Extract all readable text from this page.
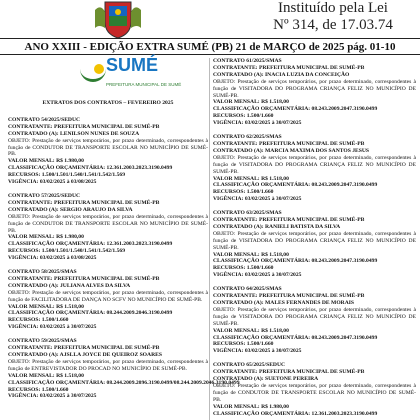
Instituído pela Lei
Nº 314, de 17.03.74
ANO XXIII - EDIÇÃO EXTRA SUMÉ (PB) 21 de MARÇO de 2025 pág. 01-10
SUMÉ
PREFEITURA MUNICIPAL DE SUMÉ
EXTRATOS DOS CONTRATOS – FEVEREIRO 2025
CONTRATO 54/2025/SEDUC
CONTRATANTE: PREFEITURA MUNICIPAL DE SUMÉ-PB
CONTRATADO (A): LENILSON NUNES DE SOUZA
OBJETO: Prestação de serviços temporários, por prazo determinado, correspondentes à função de CONDUTOR DE TRANSPORTE ESCOLAR NO MUNICÍPIO DE SUMÉ-PB.
VALOR MENSAL: R$ 1.980,00
CLASSIFICAÇÃO ORÇAMENTÁRIA: 12.361.2003.2023.3190.0499
RECURSOS: 1.500/1.501/1.540/1.541/1.542/1.569
VIGÊNCIA: 03/02/2025 à 03/08/2025
CONTRATO 57/2025/SEDUC
CONTRATANTE: PREFEITURA MUNICIPAL DE SUMÉ-PB
CONTRATADO (A): SERGIO ARAUJO DA SILVA
OBJETO: Prestação de serviços temporários, por prazo determinado, correspondentes à função de CONDUTOR DE TRANSPORTE ESCOLAR NO MUNICÍPIO DE SUMÉ-PB.
VALOR MENSAL: R$ 1.980,00
CLASSIFICAÇÃO ORÇAMENTÁRIA: 12.361.2003.2023.3190.0499
RECURSOS: 1.500/1.501/1.540/1.541/1.542/1.569
VIGÊNCIA: 03/02/2025 à 03/08/2025
CONTRATO 58/2025/SMAS
CONTRATANTE: PREFEITURA MUNICIPAL DE SUMÉ-PB
CONTRATADO (A): JULIANA ALVES DA SILVA
OBJETO: Prestação de serviços temporários, por prazo determinado, correspondentes à função de FACILITADORA DE DANÇA NO SCFV NO MUNICÍPIO DE SUMÉ-PB.
VALOR MENSAL: R$ 1.518,00
CLASSIFICAÇÃO ORÇAMENTÁRIA: 08.244.2009.2046.3190.0499
RECURSOS: 1.500/1.660
VIGÊNCIA: 03/02/2025 à 30/07/2025
CONTRATO 59/2025/SMAS
CONTRATANTE: PREFEITURA MUNICIPAL DE SUMÉ-PB
CONTRATADO (A): AJSLLA JOYCE DE QUEIROZ SOARES
OBJETO: Prestação de serviços temporários, por prazo determinado, correspondentes à função de ENTREVISTADOR DO PROCAD NO MUNICÍPIO DE SUMÉ-PB.
VALOR MENSAL: R$ 1.518,00
CLASSIFICAÇÃO ORÇAMENTÁRIA: 08.244.2009.2096.3190.0499/08.244.2009.2046.3190.0499
RECURSOS: 1.500/1.660
VIGÊNCIA: 03/02/2025 à 30/07/2025
CONTRATO 61/2025/SMAS
CONTRATANTE: PREFEITURA MUNICIPAL DE SUMÉ-PB
CONTRATADO (A): INACIA LUZIA DA CONCEIÇÃO
OBJETO: Prestação de serviços temporários, por prazo determinado, correspondentes à função de VISITADORA DO PROGRAMA CRIANÇA FELIZ NO MUNICÍPIO DE SUMÉ-PB.
VALOR MENSAL: R$ 1.518,00
CLASSIFICAÇÃO ORÇAMENTÁRIA: 08.243.2009.2047.3190.0499
RECURSOS: 1.500/1.660
VIGÊNCIA: 03/02/2025 à 30/07/2025
CONTRATO 62/2025/SMAS
CONTRATANTE: PREFEITURA MUNICIPAL DE SUMÉ-PB
CONTRATADO (A): MARCIA MAXIMA DOS SANTOS JESUS
OBJETO: Prestação de serviços temporários, por prazo determinado, correspondentes à função de VISITADORA DO PROGRAMA CRIANÇA FELIZ NO MUNICÍPIO DE SUMÉ-PB.
VALOR MENSAL: R$ 1.518,00
CLASSIFICAÇÃO ORÇAMENTÁRIA: 08.243.2009.2047.3190.0499
RECURSOS: 1.500/1.660
VIGÊNCIA: 03/02/2025 à 30/07/2025
CONTRATO 63/2025/SMAS
CONTRATANTE: PREFEITURA MUNICIPAL DE SUMÉ-PB
CONTRATADO (A): RANIELI BATISTA DA SILVA
OBJETO: Prestação de serviços temporários, por prazo determinado, correspondentes à função de VISITADORA DO PROGRAMA CRIANÇA FELIZ NO MUNICÍPIO DE SUMÉ-PB.
VALOR MENSAL: R$ 1.518,00
CLASSIFICAÇÃO ORÇAMENTÁRIA: 08.243.2009.2047.3190.0499
RECURSOS: 1.500/1.660
VIGÊNCIA: 03/02/2025 à 30/07/2025
CONTRATO 64/2025/SMAS
CONTRATANTE: PREFEITURA MUNICIPAL DE SUMÉ-PB
CONTRATADO (A): MALES FERNANDES DE MORAIS
OBJETO: Prestação de serviços temporários, por prazo determinado, correspondentes à função de VISITADORA DO PROGRAMA CRIANÇA FELIZ NO MUNICÍPIO DE SUMÉ-PB.
VALOR MENSAL: R$ 1.518,00
CLASSIFICAÇÃO ORÇAMENTÁRIA: 08.243.2009.2047.3190.0499
RECURSOS: 1.500/1.660
VIGÊNCIA: 03/02/2025 à 30/07/2025
CONTRATO 65/2025/SEDUC
CONTRATANTE: PREFEITURA MUNICIPAL DE SUMÉ-PB
CONTRATADO (A): SUETONE PEREIRA
OBJETO: Prestação de serviços temporários, por prazo determinado, correspondentes à função de CONDUTOR DE TRANSPORTE ESCOLAR NO MUNICÍPIO DE SUMÉ-PB.
VALOR MENSAL: R$ 1.980,00
CLASSIFICAÇÃO ORÇAMENTÁRIA: 12.361.2003.2023.3190.0499
